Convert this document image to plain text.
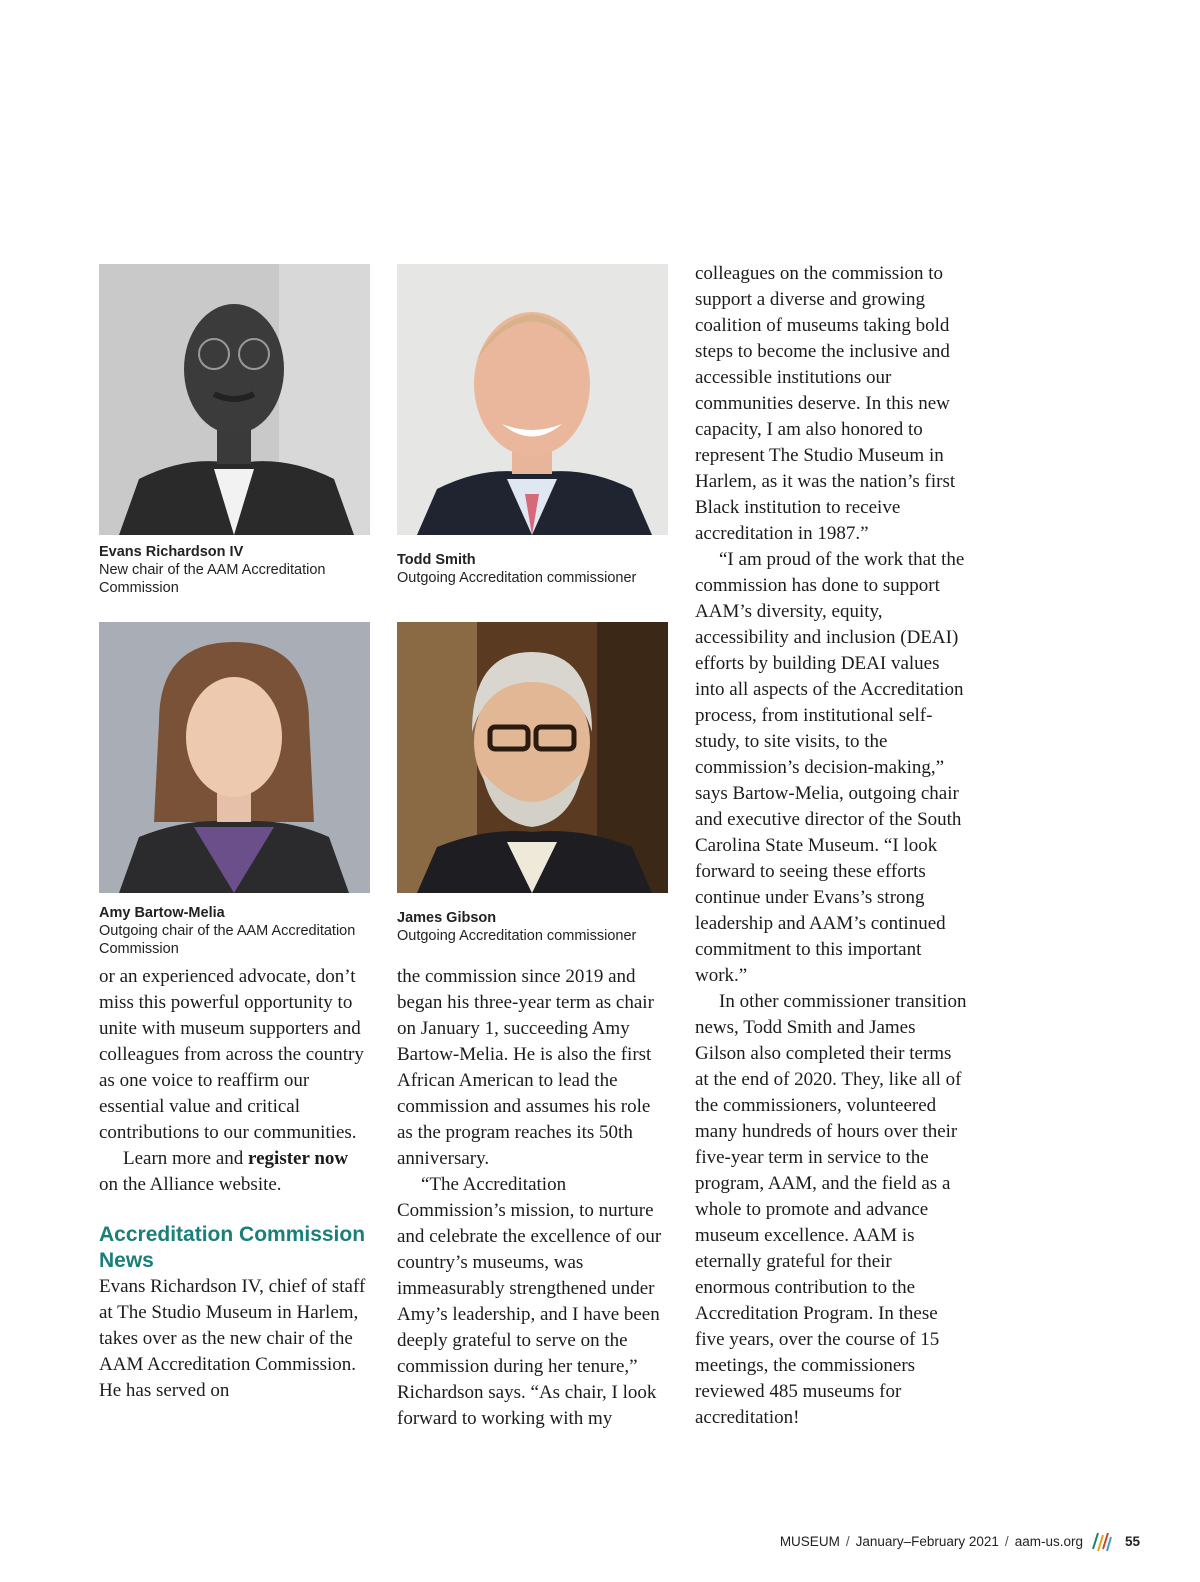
Evans Richardson IV
New chair of the AAM Accreditation Commission
Todd Smith
Outgoing Accreditation commissioner
Amy Bartow-Melia
Outgoing chair of the AAM Accreditation Commission
James Gibson
Outgoing Accreditation commissioner

or an experienced advocate, don’t miss this powerful opportunity to unite with museum supporters and colleagues from across the country as one voice to reaffirm our essential value and critical contributions to our communities.

Learn more and register now on the Alliance website.

Accreditation Commission News

Evans Richardson IV, chief of staff at The Studio Museum in Harlem, takes over as the new chair of the AAM Accreditation Commission. He has served on

the commission since 2019 and began his three-year term as chair on January 1, succeeding Amy Bartow-Melia. He is also the first African American to lead the commission and assumes his role as the program reaches its 50th anniversary.

“The Accreditation Commission’s mission, to nurture and celebrate the excellence of our country’s museums, was immeasurably strengthened under Amy’s leadership, and I have been deeply grateful to serve on the commission during her tenure,” Richardson says. “As chair, I look forward to working with my

colleagues on the commission to support a diverse and growing coalition of museums taking bold steps to become the inclusive and accessible institutions our communities deserve. In this new capacity, I am also honored to represent The Studio Museum in Harlem, as it was the nation’s first Black institution to receive accreditation in 1987.”

“I am proud of the work that the commission has done to support AAM’s diversity, equity, accessibility and inclusion (DEAI) efforts by building DEAI values into all aspects of the Accreditation process, from institutional self-study, to site visits, to the commission’s decision-making,” says Bartow-Melia, outgoing chair and executive director of the South Carolina State Museum. “I look forward to seeing these efforts continue under Evans’s strong leadership and AAM’s continued commitment to this important work.”

In other commissioner transition news, Todd Smith and James Gilson also completed their terms at the end of 2020. They, like all of the commissioners, volunteered many hundreds of hours over their five-year term in service to the program, AAM, and the field as a whole to promote and advance museum excellence. AAM is eternally grateful for their enormous contribution to the Accreditation Program. In these five years, over the course of 15 meetings, the commissioners reviewed 485 museums for accreditation!

MUSEUM / January–February 2021 / aam-us.org	55
